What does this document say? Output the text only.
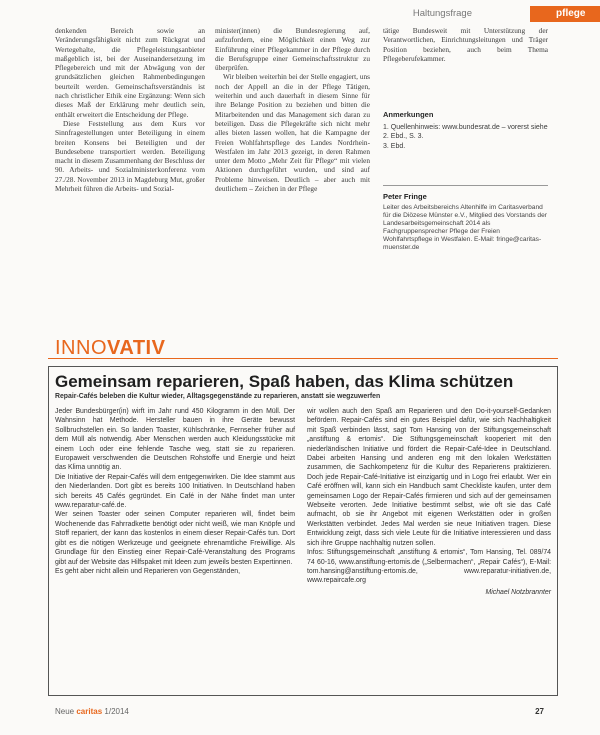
Haltungsfrage	pflege

denkenden Bereich sowie an Veränderungsfähigkeit nicht zum Rückgrat und Wertegehalte, die Pflegeleistungsanbieter maßgeblich ist, bei der Auseinandersetzung im Pflegebereich und mit der Abwägung von der grundsätzlichen gleichen Rahmenbedingungen beurteilt werden. Gemeinschaftsverständnis ist nach christlicher Ethik eine Ergänzung: Wenn sich dieses Maß der Erklärung mehr deutlich sein, enthält erweitert die Entscheidung der Pflege.

Diese Feststellung aus dem Kurs vor Sinnfragestellungen unter Beteiligung in einem breiten Konsens bei Beteiligten und der Bundesebene transportiert werden. Beteiligung macht in diesem Zusammenhang der Beschluss der 90. Arbeits- und Sozialministerkonferenz vom 27./28. November 2013 in Magdeburg Mut, großer Mehrheit führen die Arbeits- und Sozial-

minister(innen) die Bundesregierung auf, aufzufordern, eine Möglichkeit einen Weg zur Einführung einer Pflegekammer in der Pflege durch die Berufsgruppe einer Gemeinschaftsstruktur zu überprüfen.

Wir bleiben weiterhin bei der Stelle engagiert, uns noch der Appell an die in der Pflege Tätigen, weiterhin und auch dauerhaft in diesem Sinne für ihre Belange Position zu beziehen und bitten die Mitarbeitenden und das Management sich daran zu beteiligen. Dass die Pflegekräfte sich nicht mehr alles bieten lassen wollen, hat die Kampagne der Freien Wohlfahrtspflege des Landes Nordrhein-Westfalen im Jahr 2013 gezeigt, in deren Rahmen unter dem Motto „Mehr Zeit für Pflege“ mit vielen Aktionen durchgeführt wurden, und sind auf Probleme hinweisen. Deutlich – aber auch mit deutlichem – Zeichen in der Pflege

tätige Bundesweit mit Unterstützung der Verantwortlichen, Einrichtungsleitungen und Träger Position beziehen, auch beim Thema Pflegeberufekammer.

Anmerkungen
1. Quellenhinweis: www.bundesrat.de – vorerst siehe
2. Ebd., S. 3.
3. Ebd.
Peter Fringe
Leiter des Arbeitsbereichs Altenhilfe im Caritasverband für die Diözese Münster e.V., Mitglied des Vorstands der Landesarbeitsgemeinschaft 2014 als Fachgruppensprecher Pflege der Freien Wohlfahrtspflege in Westfalen. E-Mail: fringe@caritas-muenster.de
INNOVATIV
Gemeinsam reparieren, Spaß haben, das Klima schützen
Repair-Cafés beleben die Kultur wieder, Alltagsgegenstände zu reparieren, anstatt sie wegzuwerfen

Jeder Bundesbürger(in) wirft im Jahr rund 450 Kilogramm in den Müll. Der Wahnsinn hat Methode. Hersteller bauen in ihre Geräte bewusst Sollbruchstellen ein. So landen Toaster, Kühlschränke, Fernseher früher auf dem Müll als notwendig. Aber Menschen werden auch Kleidungsstücke mit einem Loch oder eine fehlende Tasche weg, statt sie zu reparieren. Europaweit verschwenden die Deutschen Rohstoffe und Energie und heizt das Klima unnötig an.

Die Initiative der Repair-Cafés will dem entgegenwirken. Die Idee stammt aus den Niederlanden. Dort gibt es bereits 100 Initiativen. In Deutschland haben sich bereits 45 Cafés gegründet. Ein Café in der Nähe findet man unter www.reparatur-café.de.

Wer seinen Toaster oder seinen Computer reparieren will, findet beim Wochenende das Fahrradkette benötigt oder nicht weiß, wie man Knöpfe und Stoff repariert, der kann das kostenlos in einem dieser Repair-Cafés tun. Dort gibt es die nötigen Werkzeuge und geeignete ehrenamtliche Freiwillige. Als Grundlage für den Einstieg einer Repair-Café-Veranstaltung des Programs gibt auf der Website das Hilfspaket mit Ideen zum jeweils besten Expertinnen.

Es geht aber nicht allein und Reparieren von Gegenständen,

wir wollen auch den Spaß am Reparieren und den Do-it-yourself-Gedanken befördern. Repair-Cafés sind ein gutes Beispiel dafür, wie sich Nachhaltigkeit mit Spaß verbinden lässt, sagt Tom Hansing von der Stiftungsgemeinschaft „anstiftung & ertomis“. Die Stiftungsgemeinschaft kooperiert mit den niederländischen Initiative und fördert die Repair-Café-Idee in Deutschland. Dabei arbeiten Hansing und anderen eng mit den lokalen Werkstätten zusammen, die Sachkompetenz für die Kultur des Reparierens praktizieren. Doch jede Repair-Café-Initiative ist einzigartig und in Logo frei erlaubt. Wer ein Café eröffnen will, kann sich ein Handbuch samt Checkliste kaufen, unter dem gemeinsamen Logo der Repair-Cafés firmieren und sich auf der gemeinsamen Webseite verorten. Jede Initiative bestimmt selbst, wie oft sie das Café aufmacht, ob sie ihr Angebot mit eigenen Werkstätten oder in großen Werkstätten verbindet. Jedes Mal werden sie neue Initiativen tragen. Diese Entwicklung zeigt, dass sich viele Leute für die Initiative interessieren und dass sich ihre Gruppe nachhaltig nutzen sollen.

Infos: Stiftungsgemeinschaft „anstiftung & ertomis“, Tom Hansing, Tel. 089/74 74 60-16, www.anstiftung-ertomis.de („Selbermachen“, „Repair Cafés“), E-Mail: tom.hansing@anstiftung-ertomis.de, www.reparatur-initiativen.de, www.repaircafe.org

Michael Notzbrannter

Neue caritas 1/2014	27
